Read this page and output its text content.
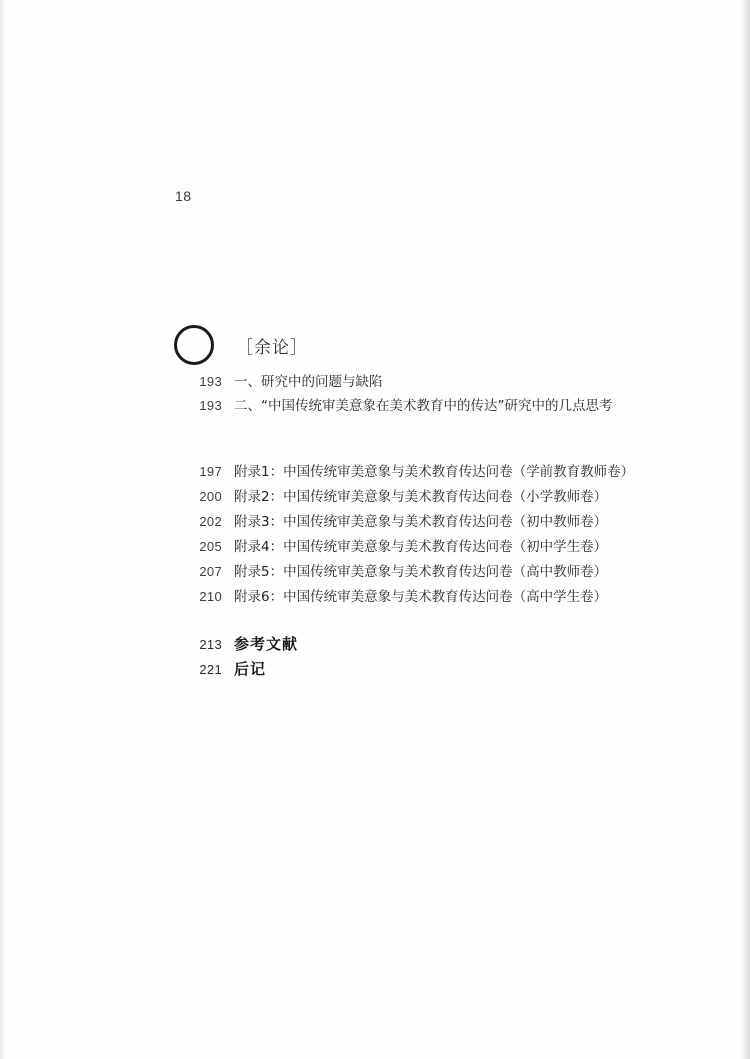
18
［余论］
193 一、研究中的问题与缺陷
193 二、“中国传统审美意象在美术教育中的传达”研究中的几点思考
197 附录1：中国传统审美意象与美术教育传达问卷（学前教育教师卷）
200 附录2：中国传统审美意象与美术教育传达问卷（小学教师卷）
202 附录3：中国传统审美意象与美术教育传达问卷（初中教师卷）
205 附录4：中国传统审美意象与美术教育传达问卷（初中学生卷）
207 附录5：中国传统审美意象与美术教育传达问卷（高中教师卷）
210 附录6：中国传统审美意象与美术教育传达问卷（高中学生卷）
213 参考文献
221 后记
